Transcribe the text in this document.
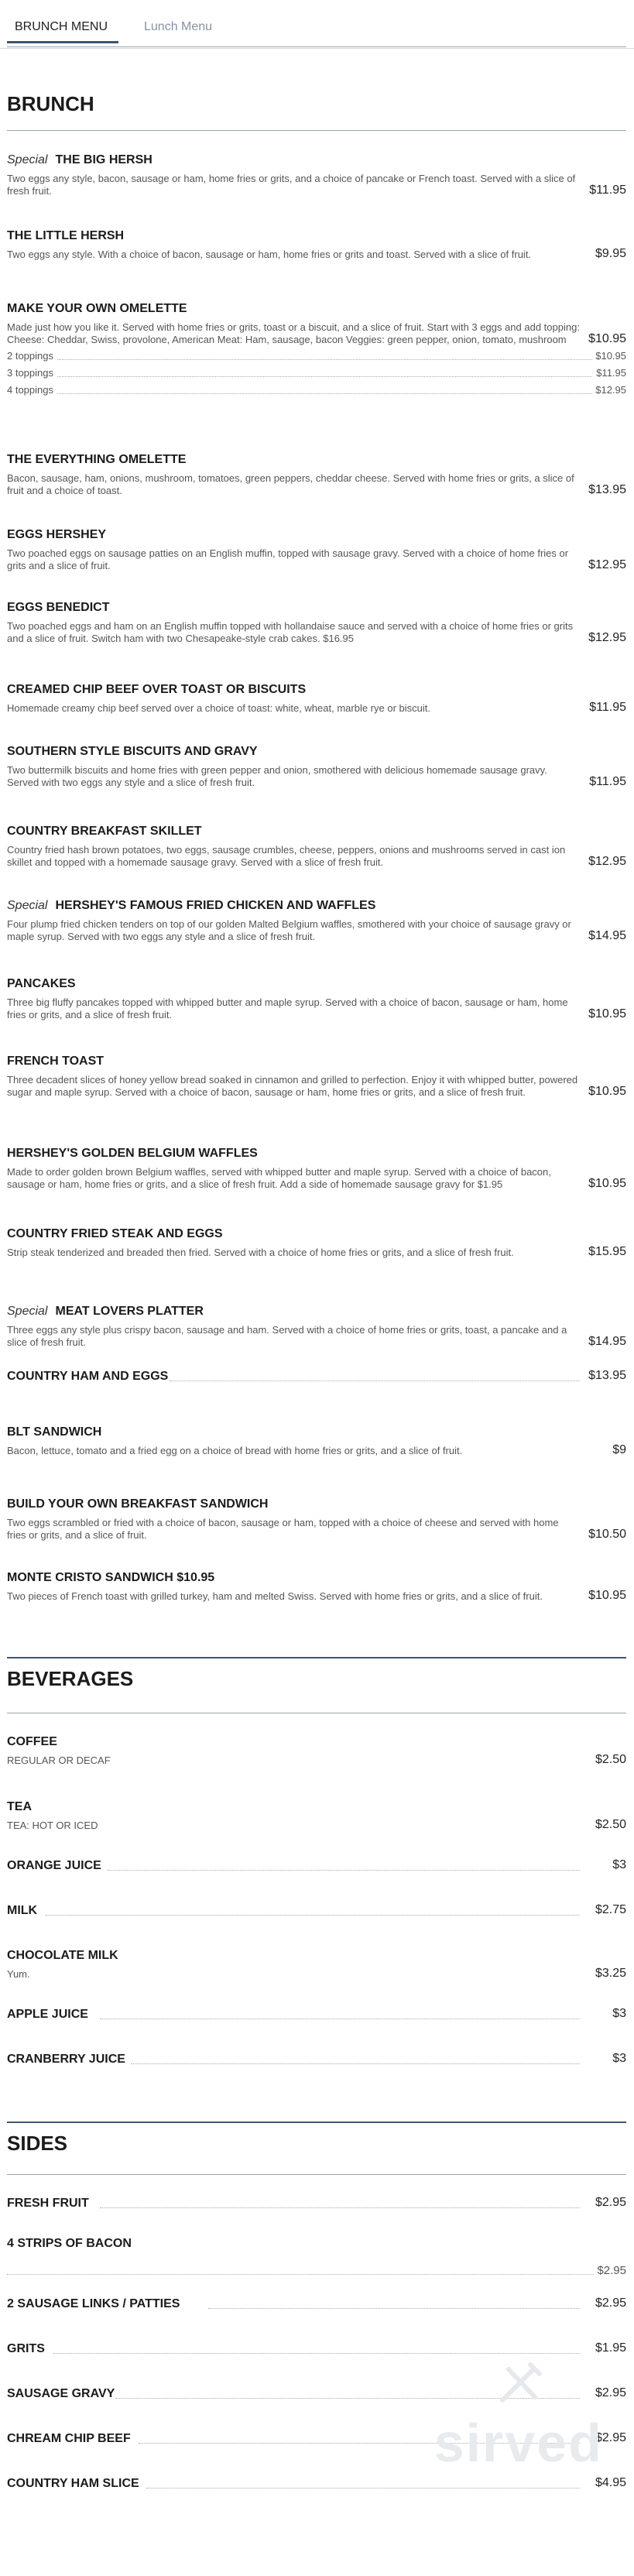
BRUNCH MENU	Lunch Menu
BRUNCH
Special THE BIG HERSH
Two eggs any style, bacon, sausage or ham, home fries or grits, and a choice of pancake or French toast. Served with a slice of fresh fruit.	$11.95
THE LITTLE HERSH
Two eggs any style. With a choice of bacon, sausage or ham, home fries or grits and toast. Served with a slice of fruit.	$9.95
MAKE YOUR OWN OMELETTE
Made just how you like it. Served with home fries or grits, toast or a biscuit, and a slice of fruit. Start with 3 eggs and add topping: Cheese: Cheddar, Swiss, provolone, American Meat: Ham, sausage, bacon Veggies: green pepper, onion, tomato, mushroom	$10.95
2 toppings	$10.95
3 toppings	$11.95
4 toppings	$12.95
THE EVERYTHING OMELETTE
Bacon, sausage, ham, onions, mushroom, tomatoes, green peppers, cheddar cheese. Served with home fries or grits, a slice of fruit and a choice of toast.	$13.95
EGGS HERSHEY
Two poached eggs on sausage patties on an English muffin, topped with sausage gravy. Served with a choice of home fries or grits and a slice of fruit.	$12.95
EGGS BENEDICT
Two poached eggs and ham on an English muffin topped with hollandaise sauce and served with a choice of home fries or grits and a slice of fruit. Switch ham with two Chesapeake-style crab cakes. $16.95	$12.95
CREAMED CHIP BEEF OVER TOAST OR BISCUITS
Homemade creamy chip beef served over a choice of toast: white, wheat, marble rye or biscuit.	$11.95
SOUTHERN STYLE BISCUITS AND GRAVY
Two buttermilk biscuits and home fries with green pepper and onion, smothered with delicious homemade sausage gravy. Served with two eggs any style and a slice of fresh fruit.	$11.95
COUNTRY BREAKFAST SKILLET
Country fried hash brown potatoes, two eggs, sausage crumbles, cheese, peppers, onions and mushrooms served in cast ion skillet and topped with a homemade sausage gravy. Served with a slice of fresh fruit.	$12.95
Special HERSHEY'S FAMOUS FRIED CHICKEN AND WAFFLES
Four plump fried chicken tenders on top of our golden Malted Belgium waffles, smothered with your choice of sausage gravy or maple syrup. Served with two eggs any style and a slice of fresh fruit.	$14.95
PANCAKES
Three big fluffy pancakes topped with whipped butter and maple syrup. Served with a choice of bacon, sausage or ham, home fries or grits, and a slice of fresh fruit.	$10.95
FRENCH TOAST
Three decadent slices of honey yellow bread soaked in cinnamon and grilled to perfection. Enjoy it with whipped butter, powered sugar and maple syrup. Served with a choice of bacon, sausage or ham, home fries or grits, and a slice of fresh fruit.	$10.95
HERSHEY'S GOLDEN BELGIUM WAFFLES
Made to order golden brown Belgium waffles, served with whipped butter and maple syrup. Served with a choice of bacon, sausage or ham, home fries or grits, and a slice of fresh fruit. Add a side of homemade sausage gravy for $1.95	$10.95
COUNTRY FRIED STEAK AND EGGS
Strip steak tenderized and breaded then fried. Served with a choice of home fries or grits, and a slice of fresh fruit.	$15.95
Special MEAT LOVERS PLATTER
Three eggs any style plus crispy bacon, sausage and ham. Served with a choice of home fries or grits, toast, a pancake and a slice of fresh fruit.	$14.95
COUNTRY HAM AND EGGS	$13.95
BLT SANDWICH
Bacon, lettuce, tomato and a fried egg on a choice of bread with home fries or grits, and a slice of fruit.	$9
BUILD YOUR OWN BREAKFAST SANDWICH
Two eggs scrambled or fried with a choice of bacon, sausage or ham, topped with a choice of cheese and served with home fries or grits, and a slice of fruit.	$10.50
MONTE CRISTO SANDWICH $10.95
Two pieces of French toast with grilled turkey, ham and melted Swiss. Served with home fries or grits, and a slice of fruit.	$10.95
BEVERAGES
COFFEE
REGULAR OR DECAF	$2.50
TEA
TEA: HOT OR ICED	$2.50
ORANGE JUICE	$3
MILK	$2.75
CHOCOLATE MILK
Yum.	$3.25
APPLE JUICE	$3
CRANBERRY JUICE	$3
SIDES
FRESH FRUIT	$2.95
4 STRIPS OF BACON
$2.95
2 SAUSAGE LINKS / PATTIES	$2.95
GRITS	$1.95
SAUSAGE GRAVY	$2.95
CHREAM CHIP BEEF	$2.95
COUNTRY HAM SLICE	$4.95
sirved
